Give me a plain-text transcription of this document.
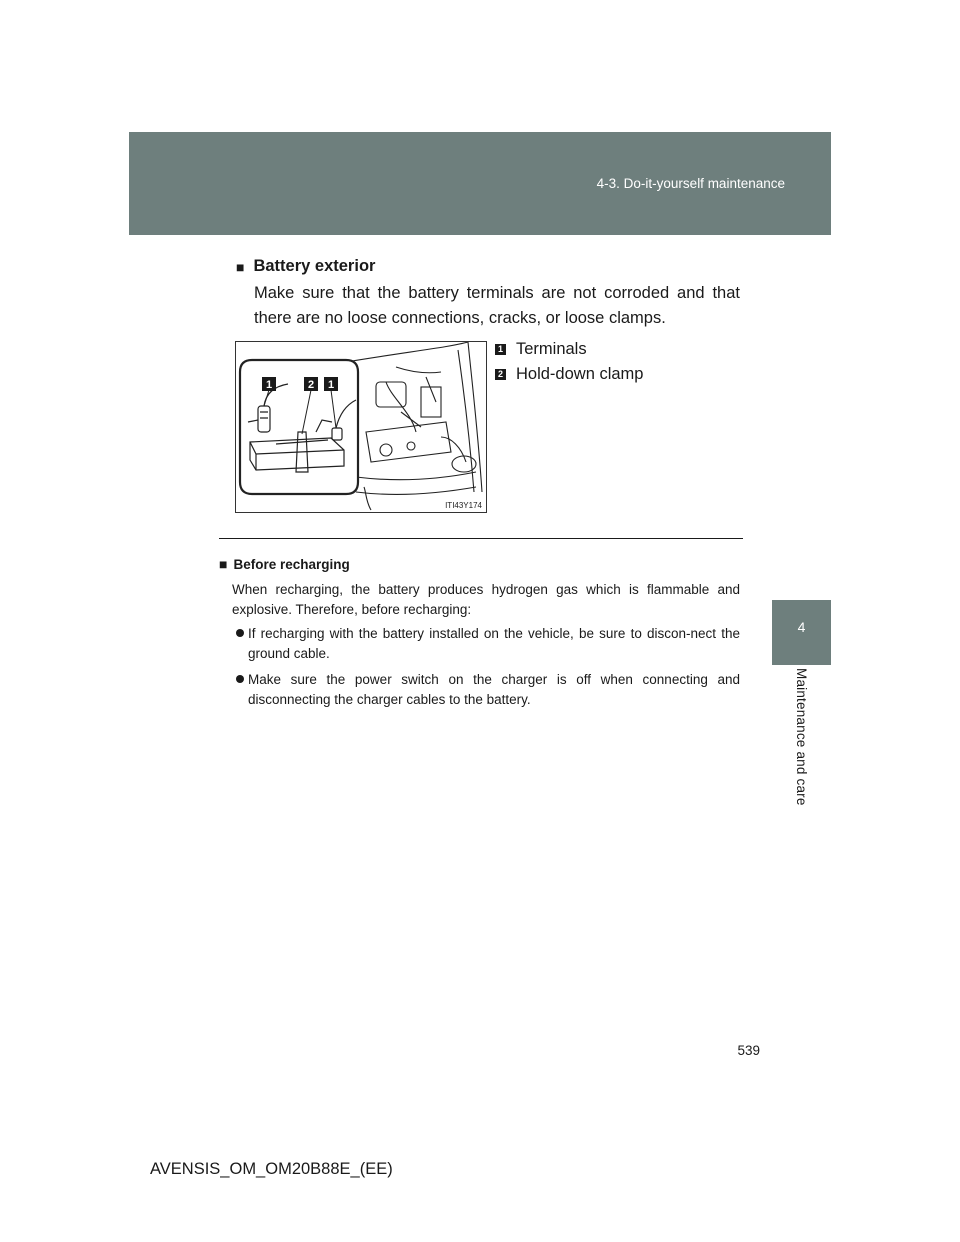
4-3. Do-it-yourself maintenance
4
Maintenance and care
■ Battery exterior
Make sure that the battery terminals are not corroded and that there are no loose connections, cracks, or loose clamps.
1	2 1
ITI43Y174
1 Terminals
2 Hold-down clamp
■ Before recharging
When recharging, the battery produces hydrogen gas which is flammable and explosive. Therefore, before recharging:
If recharging with the battery installed on the vehicle, be sure to discon-nect the ground cable.
Make sure the power switch on the charger is off when connecting and disconnecting the charger cables to the battery.
539
AVENSIS_OM_OM20B88E_(EE)
